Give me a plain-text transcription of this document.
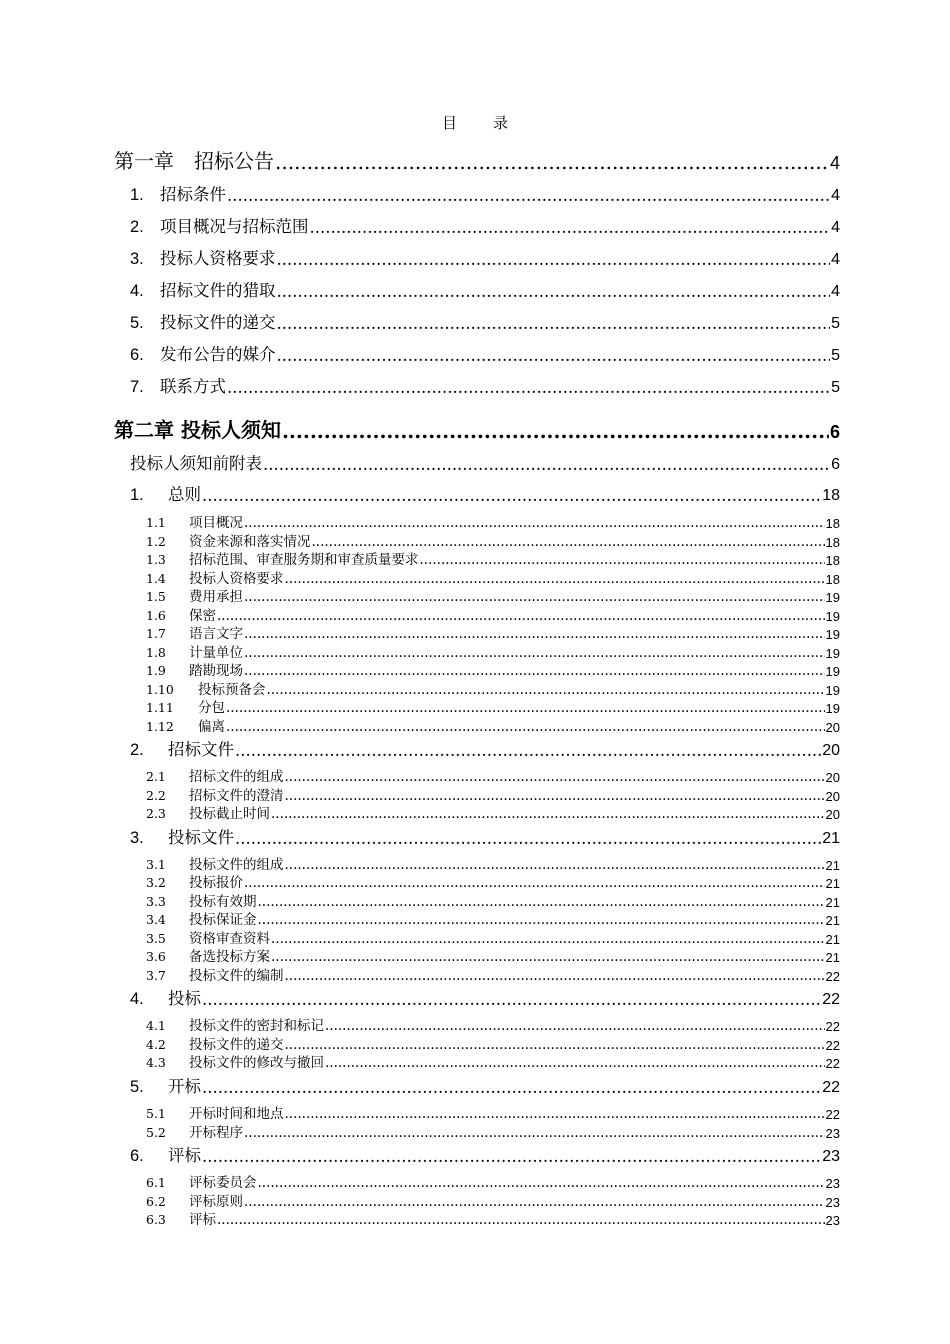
目 录
第一章　招标公告 .....	4
1. 招标条件 .....	4
2. 项目概况与招标范围 .....	4
3. 投标人资格要求 .....	4
4. 招标文件的猎取 .....	4
5. 投标文件的递交 .....	5
6. 发布公告的媒介 .....	5
7. 联系方式 .....	5
第二章 投标人须知 .....	6
投标人须知前附表 .....	6
1. 总则 .....	18
1.1 项目概况 .....	18
1.2 资金来源和落实情况 .....	18
1.3 招标范围、审查服务期和审查质量要求 .....	18
1.4 投标人资格要求 .....	18
1.5 费用承担 .....	19
1.6 保密 .....	19
1.7 语言文字 .....	19
1.8 计量单位 .....	19
1.9 踏勘现场 .....	19
1.10 投标预备会 .....	19
1.11 分包 .....	19
1.12 偏离 .....	20
2. 招标文件 .....	20
2.1 招标文件的组成 .....	20
2.2 招标文件的澄清 .....	20
2.3 投标截止时间 .....	20
3. 投标文件 .....	21
3.1 投标文件的组成 .....	21
3.2 投标报价 .....	21
3.3 投标有效期 .....	21
3.4 投标保证金 .....	21
3.5 资格审查资料 .....	21
3.6 备选投标方案 .....	21
3.7 投标文件的编制 .....	22
4. 投标 .....	22
4.1 投标文件的密封和标记 .....	22
4.2 投标文件的递交 .....	22
4.3 投标文件的修改与撤回 .....	22
5. 开标 .....	22
5.1 开标时间和地点 .....	22
5.2 开标程序 .....	23
6. 评标 .....	23
6.1 评标委员会 .....	23
6.2 评标原则 .....	23
6.3 评标 .....	23
